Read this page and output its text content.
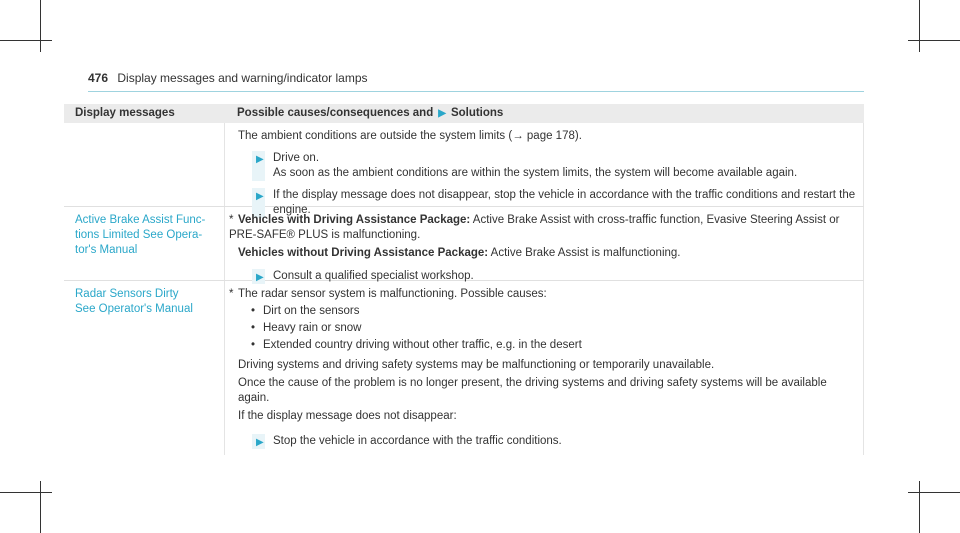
476 Display messages and warning/indicator lamps
Display messages	Possible causes/consequences and ▶ Solutions

The ambient conditions are outside the system limits (→ page 178).

▶ Drive on.

As soon as the ambient conditions are within the system limits, the system will become available again.

▶ If the display message does not disappear, stop the vehicle in accordance with the traffic conditions and restart the engine.

Active Brake Assist Func-tions Limited See Opera-tor's Manual

* Vehicles with Driving Assistance Package: Active Brake Assist with cross-traffic function, Evasive Steering Assist or PRE-SAFE® PLUS is malfunctioning.

Vehicles without Driving Assistance Package: Active Brake Assist is malfunctioning.

▶ Consult a qualified specialist workshop.

Radar Sensors Dirty See Operator's Manual

* The radar sensor system is malfunctioning. Possible causes:

• Dirt on the sensors
• Heavy rain or snow
• Extended country driving without other traffic, e.g. in the desert

Driving systems and driving safety systems may be malfunctioning or temporarily unavailable.

Once the cause of the problem is no longer present, the driving systems and driving safety systems will be available again.

If the display message does not disappear:

▶ Stop the vehicle in accordance with the traffic conditions.
